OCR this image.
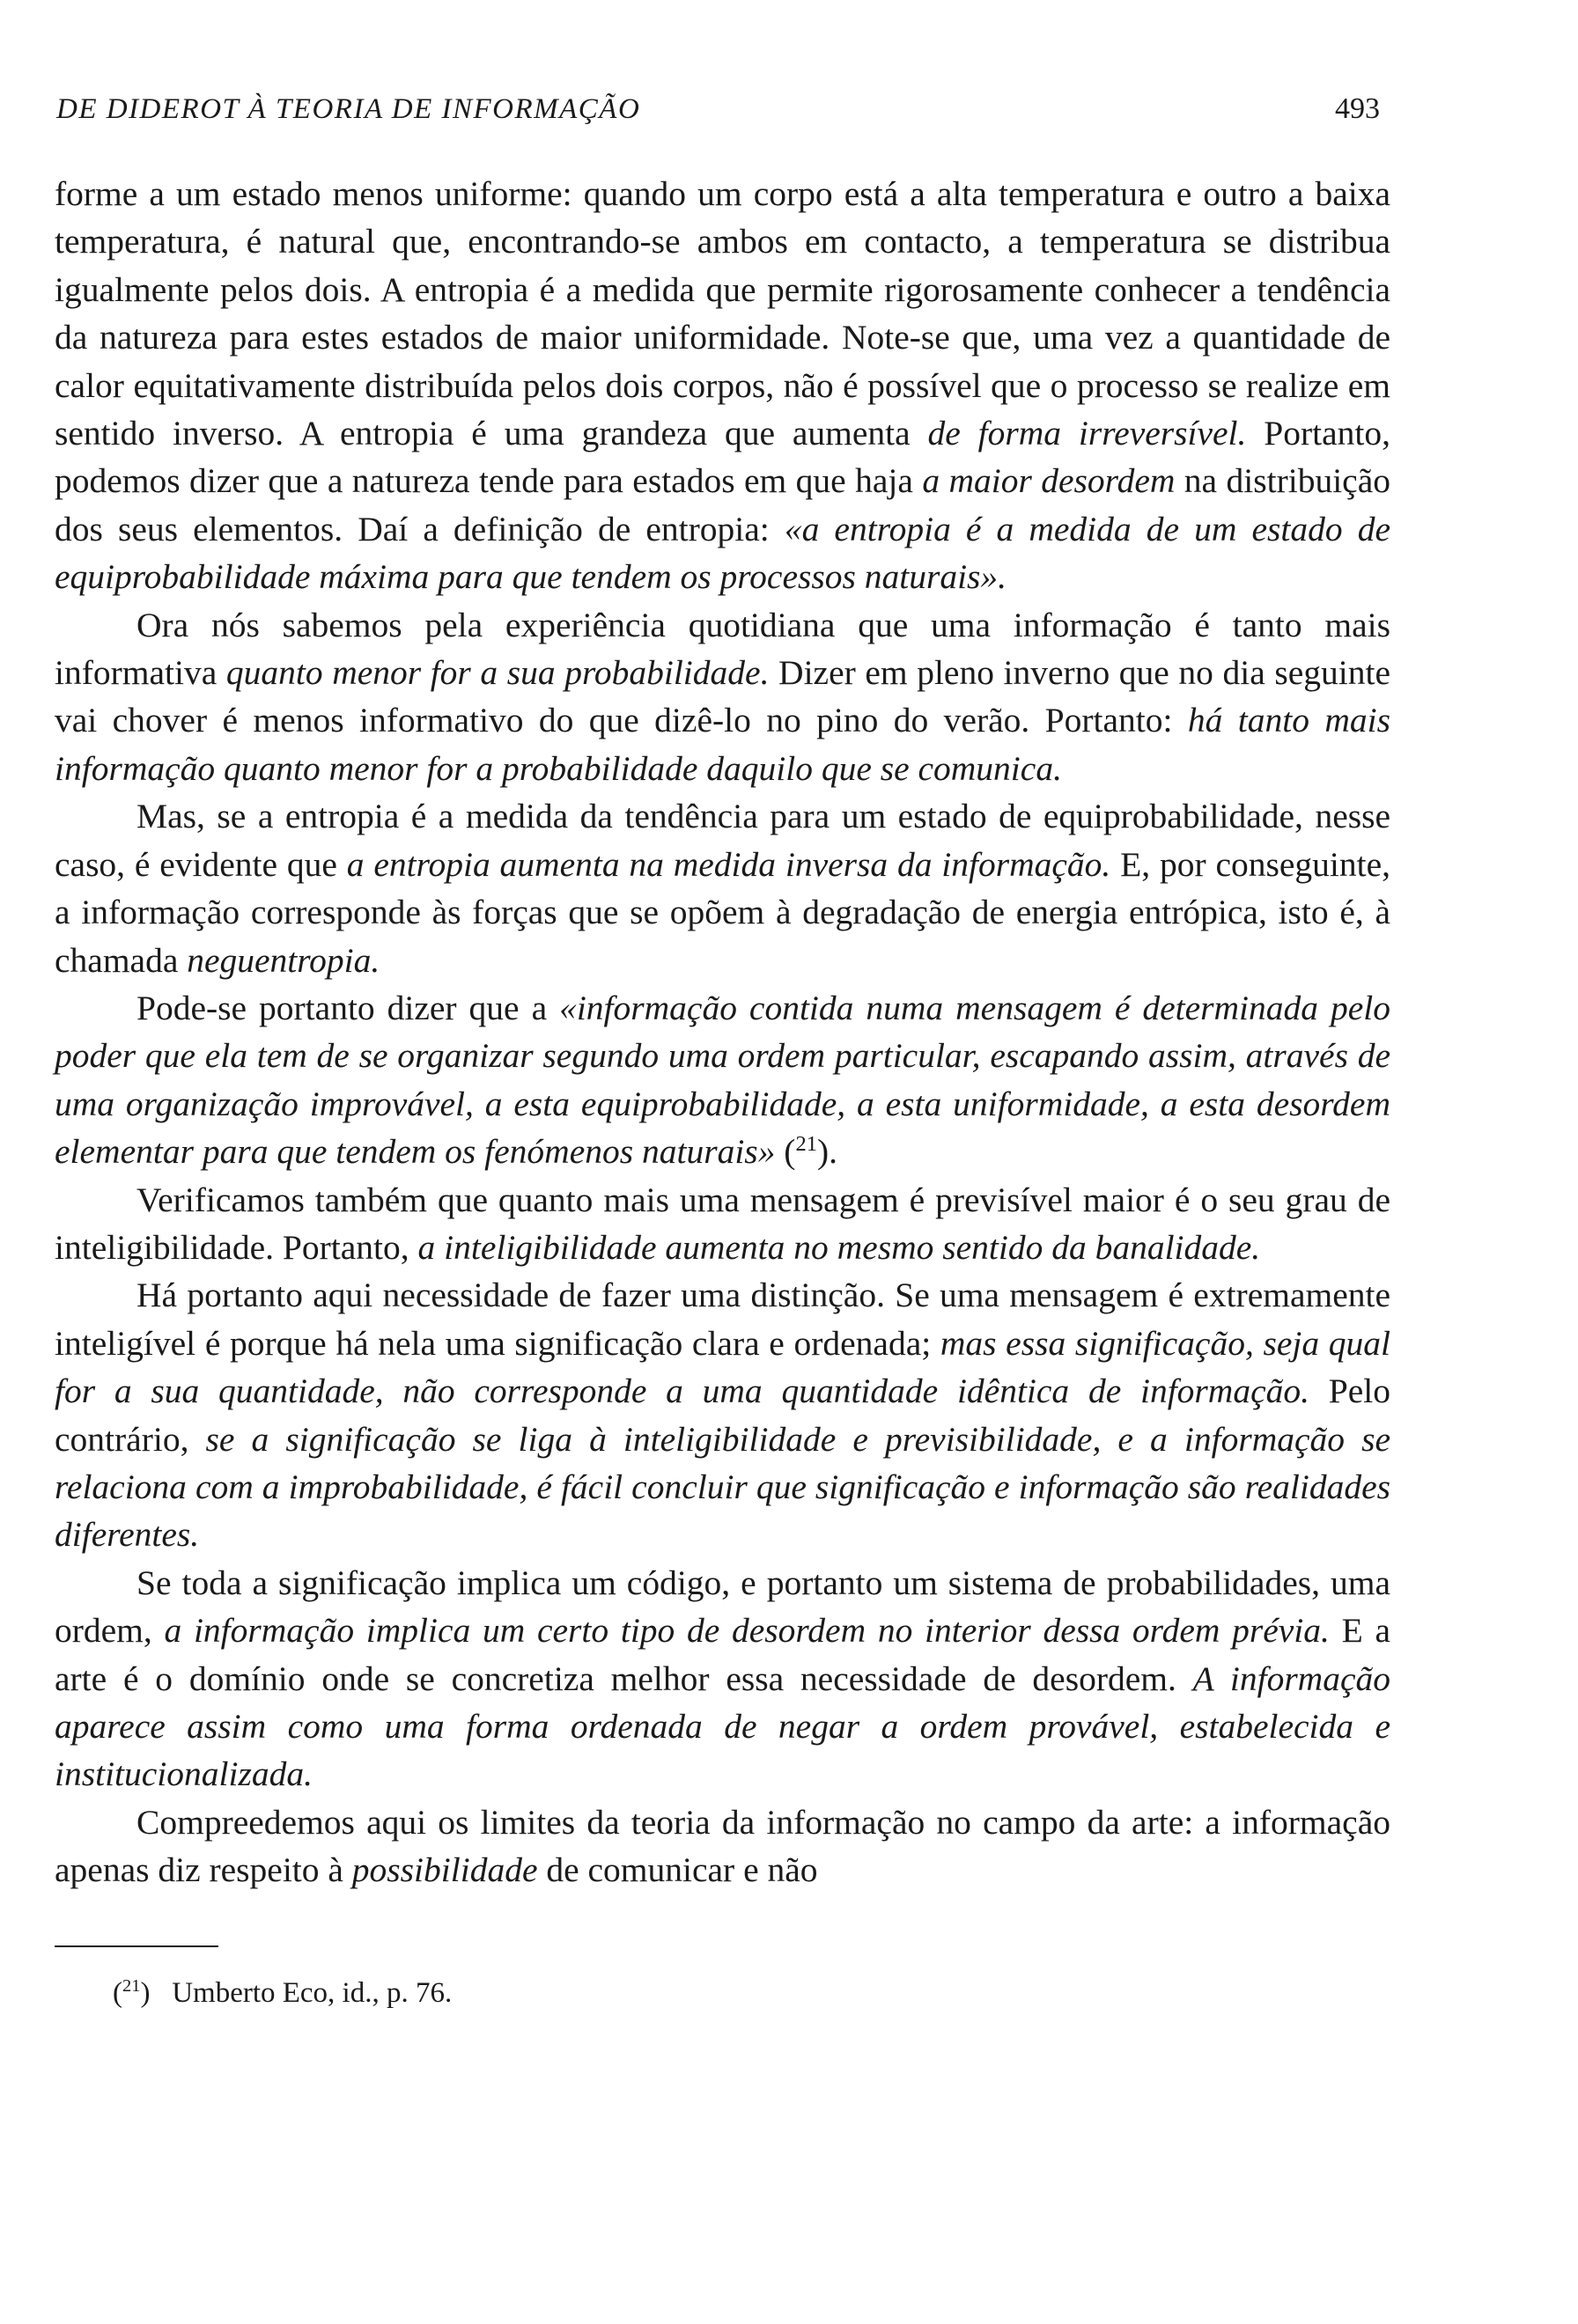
DE DIDEROT À TEORIA DE INFORMAÇÃO	493

forme a um estado menos uniforme: quando um corpo está a alta temperatura e outro a baixa temperatura, é natural que, encontrando-se ambos em contacto, a temperatura se distribua igualmente pelos dois. A entropia é a medida que permite rigorosamente conhecer a tendência da natureza para estes estados de maior uniformidade. Note-se que, uma vez a quantidade de calor equitativamente distribuída pelos dois corpos, não é possível que o processo se realize em sentido inverso. A entropia é uma grandeza que aumenta de forma irreversível. Portanto, podemos dizer que a natureza tende para estados em que haja a maior desordem na distribuição dos seus elementos. Daí a definição de entropia: «a entropia é a medida de um estado de equiprobabilidade máxima para que tendem os processos naturais».

Ora nós sabemos pela experiência quotidiana que uma informação é tanto mais informativa quanto menor for a sua probabilidade. Dizer em pleno inverno que no dia seguinte vai chover é menos informativo do que dizê-lo no pino do verão. Portanto: há tanto mais informação quanto menor for a probabilidade daquilo que se comunica.

Mas, se a entropia é a medida da tendência para um estado de equiprobabilidade, nesse caso, é evidente que a entropia aumenta na medida inversa da informação. E, por conseguinte, a informação corresponde às forças que se opõem à degradação de energia entrópica, isto é, à chamada neguentropia.

Pode-se portanto dizer que a «informação contida numa mensagem é determinada pelo poder que ela tem de se organizar segundo uma ordem particular, escapando assim, através de uma organização improvável, a esta equiprobabilidade, a esta uniformidade, a esta desordem elementar para que tendem os fenómenos naturais» ($^{21}$).

Verificamos também que quanto mais uma mensagem é previsível maior é o seu grau de inteligibilidade. Portanto, a inteligibilidade aumenta no mesmo sentido da banalidade.

Há portanto aqui necessidade de fazer uma distinção. Se uma mensagem é extremamente inteligível é porque há nela uma significação clara e ordenada; mas essa significação, seja qual for a sua quantidade, não corresponde a uma quantidade idêntica de informação. Pelo contrário, se a significação se liga à inteligibilidade e previsibilidade, e a informação se relaciona com a improbabilidade, é fácil concluir que significação e informação são realidades diferentes.

Se toda a significação implica um código, e portanto um sistema de probabilidades, uma ordem, a informação implica um certo tipo de desordem no interior dessa ordem prévia. E a arte é o domínio onde se concretiza melhor essa necessidade de desordem. A informação aparece assim como uma forma ordenada de negar a ordem provável, estabelecida e institucionalizada.

Compreedemos aqui os limites da teoria da informação no campo da arte: a informação apenas diz respeito à possibilidade de comunicar e não

($^{21}$) Umberto Eco, id., p. 76.
